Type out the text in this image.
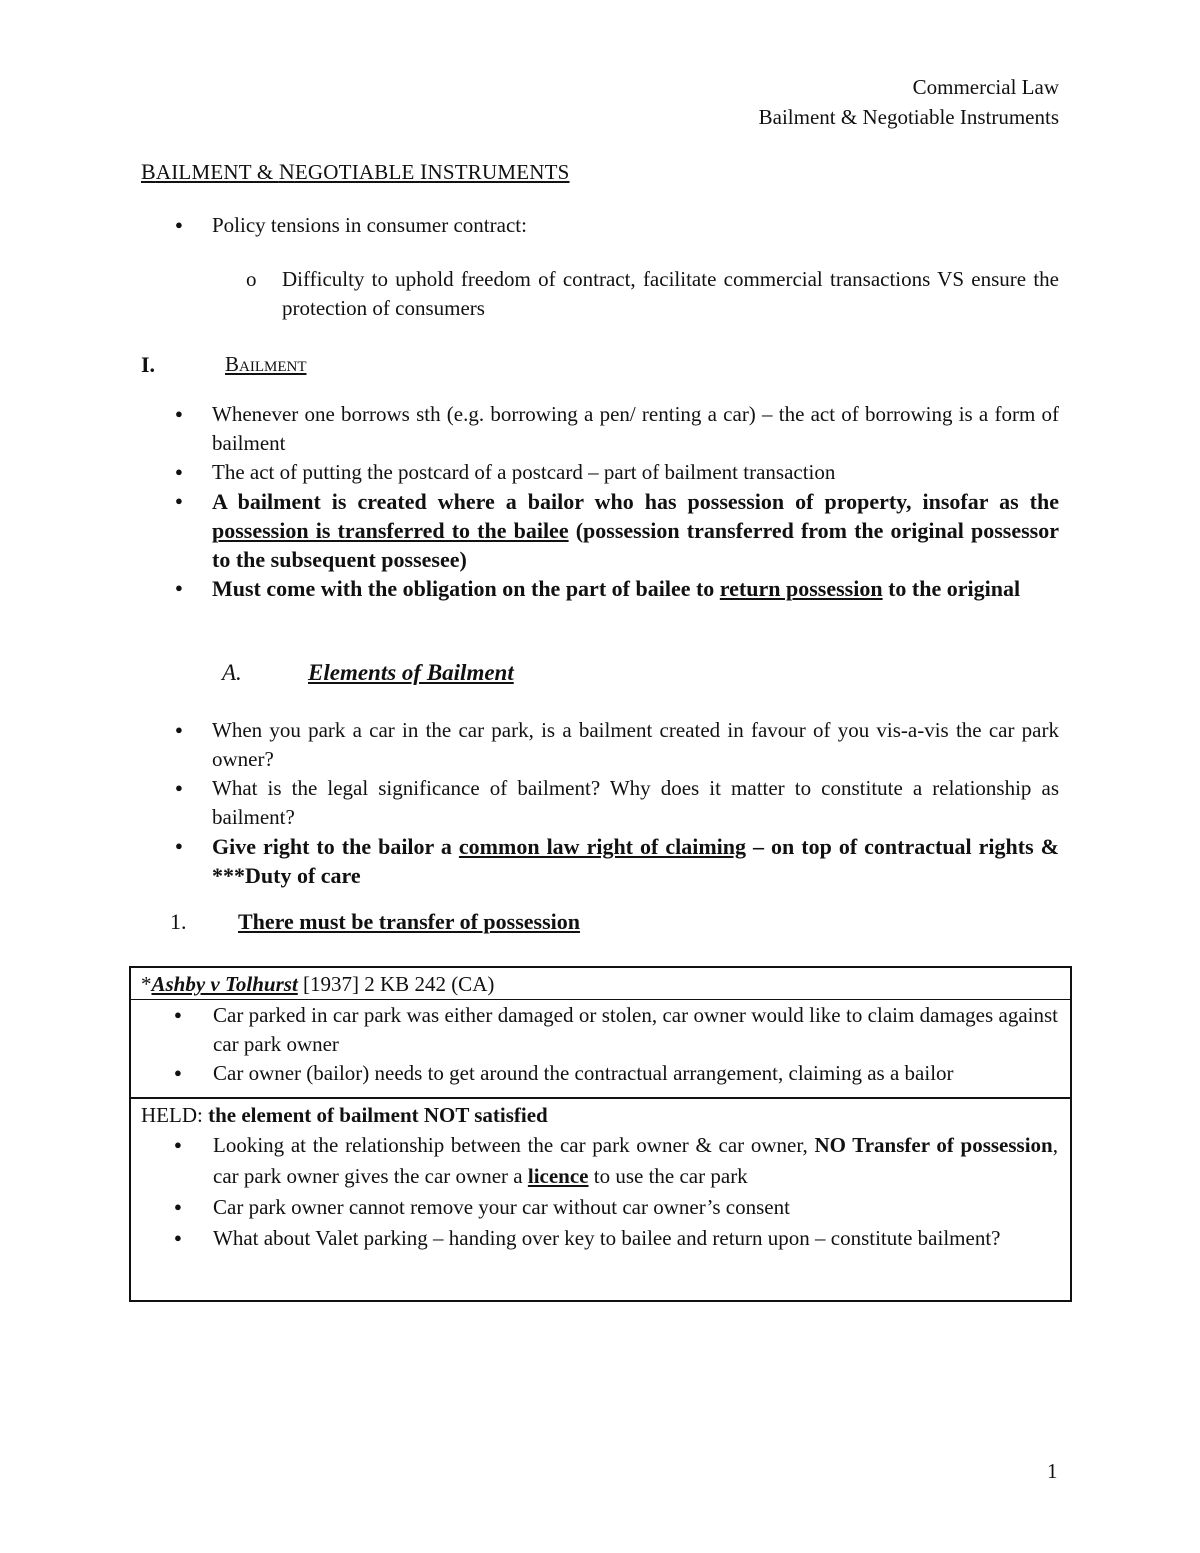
Commercial Law
Bailment & Negotiable Instruments
BAILMENT & NEGOTIABLE INSTRUMENTS
● Policy tensions in consumer contract:
o Difficulty to uphold freedom of contract, facilitate commercial transactions VS ensure the protection of consumers
I.	Bailment
● Whenever one borrows sth (e.g. borrowing a pen/ renting a car) – the act of borrowing is a form of bailment
● The act of putting the postcard of a postcard – part of bailment transaction
● A bailment is created where a bailor who has possession of property, insofar as the possession is transferred to the bailee (possession transferred from the original possessor to the subsequent possesee)
● Must come with the obligation on the part of bailee to return possession to the original
A.	Elements of Bailment
● When you park a car in the car park, is a bailment created in favour of you vis-a-vis the car park owner?
● What is the legal significance of bailment? Why does it matter to constitute a relationship as bailment?
● Give right to the bailor a common law right of claiming – on top of contractual rights & ***Duty of care
1. There must be transfer of possession
*Ashby v Tolhurst [1937] 2 KB 242 (CA)
● Car parked in car park was either damaged or stolen, car owner would like to claim damages against car park owner
● Car owner (bailor) needs to get around the contractual arrangement, claiming as a bailor
HELD: the element of bailment NOT satisfied
● Looking at the relationship between the car park owner & car owner, NO Transfer of possession, car park owner gives the car owner a licence to use the car park
● Car park owner cannot remove your car without car owner’s consent
● What about Valet parking – handing over key to bailee and return upon – constitute bailment?
1
